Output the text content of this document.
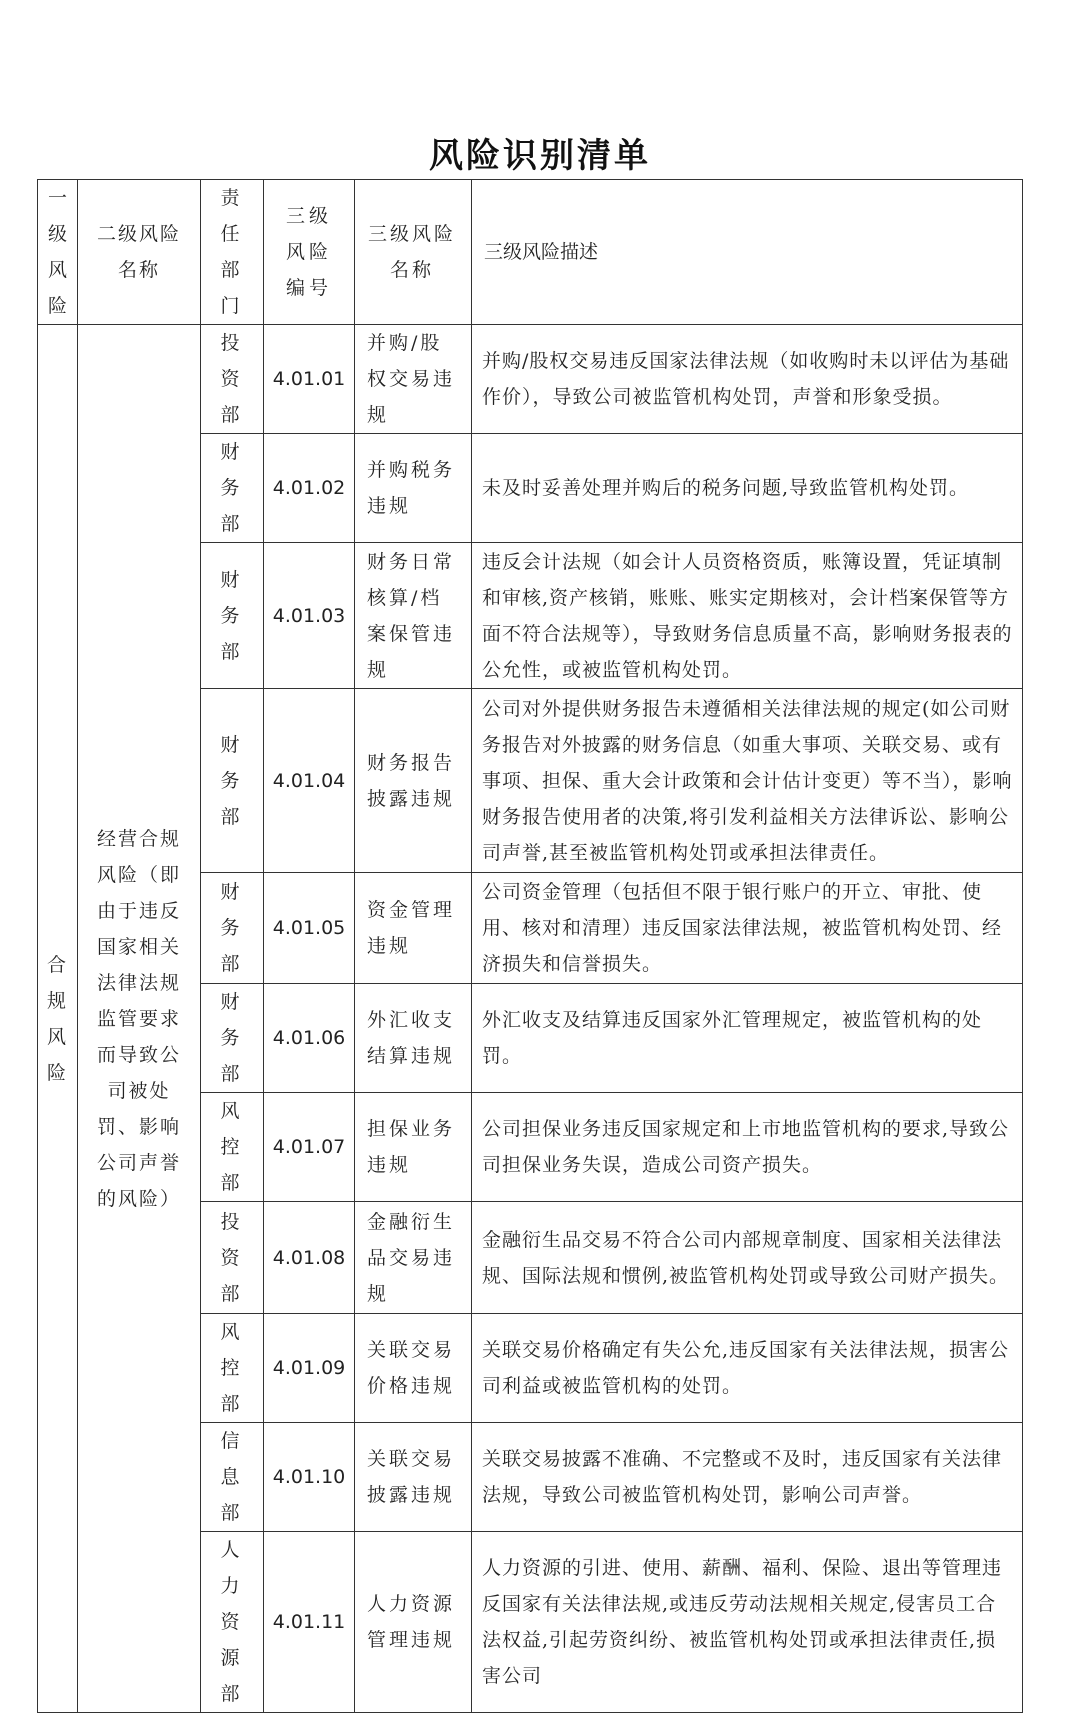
风险识别清单
一级风险	二级风险名称	责任部门	三级风险编号	三级风险名称	三级风险描述
合规风险	经营合规风险（即由于违反国家相关法律法规监管要求而导致公司被处罚、影响公司声誉的风险）	投资部	4.01.01	并购/股权交易违规	并购/股权交易违反国家法律法规（如收购时未以评估为基础作价），导致公司被监管机构处罚，声誉和形象受损。
		财务部	4.01.02	并购税务违规	未及时妥善处理并购后的税务问题,导致监管机构处罚。
		财务部	4.01.03	财务日常核算/档案保管违规	违反会计法规（如会计人员资格资质，账簿设置，凭证填制和审核,资产核销，账账、账实定期核对，会计档案保管等方面不符合法规等），导致财务信息质量不高，影响财务报表的公允性，或被监管机构处罚。
		财务部	4.01.04	财务报告披露违规	公司对外提供财务报告未遵循相关法律法规的规定(如公司财务报告对外披露的财务信息（如重大事项、关联交易、或有事项、担保、重大会计政策和会计估计变更）等不当），影响财务报告使用者的决策,将引发利益相关方法律诉讼、影响公司声誉,甚至被监管机构处罚或承担法律责任。
		财务部	4.01.05	资金管理违规	公司资金管理（包括但不限于银行账户的开立、审批、使用、核对和清理）违反国家法律法规，被监管机构处罚、经济损失和信誉损失。
		财务部	4.01.06	外汇收支结算违规	外汇收支及结算违反国家外汇管理规定，被监管机构的处罚。
		风控部	4.01.07	担保业务违规	公司担保业务违反国家规定和上市地监管机构的要求,导致公司担保业务失误，造成公司资产损失。
		投资部	4.01.08	金融衍生品交易违规	金融衍生品交易不符合公司内部规章制度、国家相关法律法规、国际法规和惯例,被监管机构处罚或导致公司财产损失。
		风控部	4.01.09	关联交易价格违规	关联交易价格确定有失公允,违反国家有关法律法规，损害公司利益或被监管机构的处罚。
		信息部	4.01.10	关联交易披露违规	关联交易披露不准确、不完整或不及时，违反国家有关法律法规，导致公司被监管机构处罚，影响公司声誉。
		人力资源部	4.01.11	人力资源管理违规	人力资源的引进、使用、薪酬、福利、保险、退出等管理违反国家有关法律法规,或违反劳动法规相关规定,侵害员工合法权益,引起劳资纠纷、被监管机构处罚或承担法律责任,损害公司
